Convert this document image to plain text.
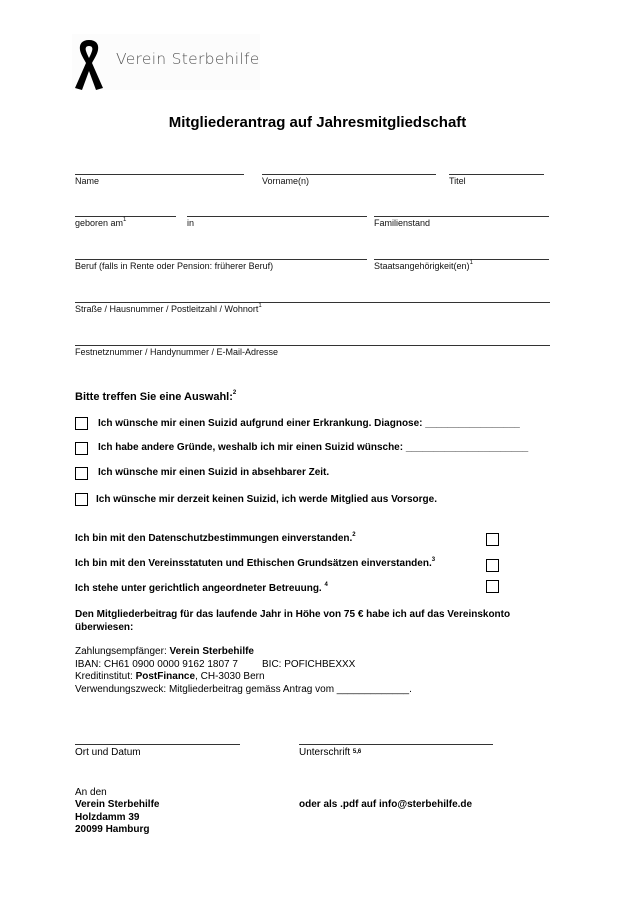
Verein Sterbehilfe
Mitgliederantrag auf Jahresmitgliedschaft
Name	Vorname(n)	Titel
geboren $am^1$	in	Familienstand
Beruf (falls in Rente oder Pension: früherer Beruf)	Staatsangehörigkeit(en)$^1$
Straße / Hausnummer / Postleitzahl / Wohnort$^1$
Festnetznummer / Handynummer / E-Mail-Adresse
Bitte treffen Sie eine Auswahl:$^2$
Ich wünsche mir einen Suizid aufgrund einer Erkrankung. Diagnose: _________________
Ich habe andere Gründe, weshalb ich mir einen Suizid wünsche: ______________________
Ich wünsche mir einen Suizid in absehbarer Zeit.
Ich wünsche mir derzeit keinen Suizid, ich werde Mitglied aus Vorsorge.
Ich bin mit den Datenschutzbestimmungen einverstanden.$^2$
Ich bin mit den Vereinsstatuten und Ethischen Grundsätzen einverstanden.$^3$
Ich stehe unter gerichtlich angeordneter Betreuung. $^4$
Den Mitgliederbeitrag für das laufende Jahr in Höhe von 75 € habe ich auf das Vereinskonto
überwiesen:
Zahlungsempfänger: Verein Sterbehilfe
IBAN: CH61 0900 0000 9162 1807 7 BIC: POFICHBEXXX
Kreditinstitut: PostFinance, CH-3030 Bern
Verwendungszweck: Mitgliederbeitrag gemäss Antrag vom _____________.
Ort und Datum	Unterschrift $^{5,6}$
An den
Verein Sterbehilfe
Holzdamm 39
20099 Hamburg
oder als .pdf auf info@sterbehilfe.de
